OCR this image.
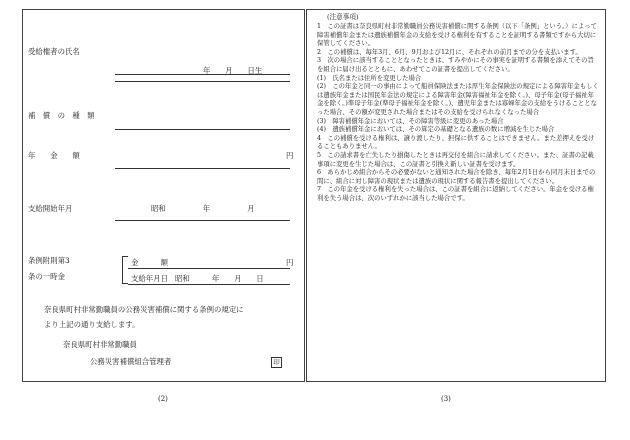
受給権者の氏名
年　　月　　日生
補　償　の　種　類
年　　金　　額	円
支給開始年月	昭和　　　　　年　　　　　月
条例附則第3
条の一時金
金　　　額	円
支給年月日 昭和　　　年　　月　　日
奈良県町村非常勤職員の公務災害補償に関する条例の規定に
より上記の通り支給します。
奈良県町村非常勤職員
公務災害補償組合管理者	印
(注意事項)
1　この証書は奈良県町村非常勤職員公務災害補償に関する条例（以下「条例」という。）によって障害補償年金または遺族補償年金の支給を受ける権利を有することを証明する書類ですから大切に保管してください。
2　この補償は、毎年3月、6月、9月および12月に、それぞれの前月までの分を支払います。
3　次の場合に該当することとなったときは、すみやかにその事実を証明する書類を添えてその旨を組合に届け出るとともに、あわせてこの証書を提出してください。
(1)　氏名または住所を変更した場合
(2)　この年金と同一の事由によって船員保険法または厚生年金保険法の規定による障害年金もしくは遺族年金または国民年金法の規定による障害年金(障害福祉年金を除く。)、母子年金(母子福祉年金を除く。)準母子年金(準母子福祉年金を除く。)、遺児年金または寡婦年金の支給をうけることとなった場合、その額が変更された場合またはその支給を受けられなくなった場合
(3)　障害補償年金においては、その障害等級に変更のあった場合
(4)　遺族補償年金においては、その算定の基礎となる遺族の数に増減を生じた場合
4　この補償を受ける権利は、譲り渡したり、担保に供することはできません。また差押えを受けることもありません。
5　この請求書を亡失したり損傷したときは再交付を組合に請求してください。また、証書の記載事項に変更を生じた場合は、この証書と引換え新しい証書を受けます。
6　あらかじめ組合からその必要がないと通知された場合を除き、毎年2月1日から同月末日までの間に、組合に対し障害の現状または遺族の現状に関する報告書を提出してください。
7　この年金を受ける権利を失った場合は、この証書を組合に返納してください。年金を受ける権利を失う場合は、次のいずれかに該当した場合です。
(2)	(3)
